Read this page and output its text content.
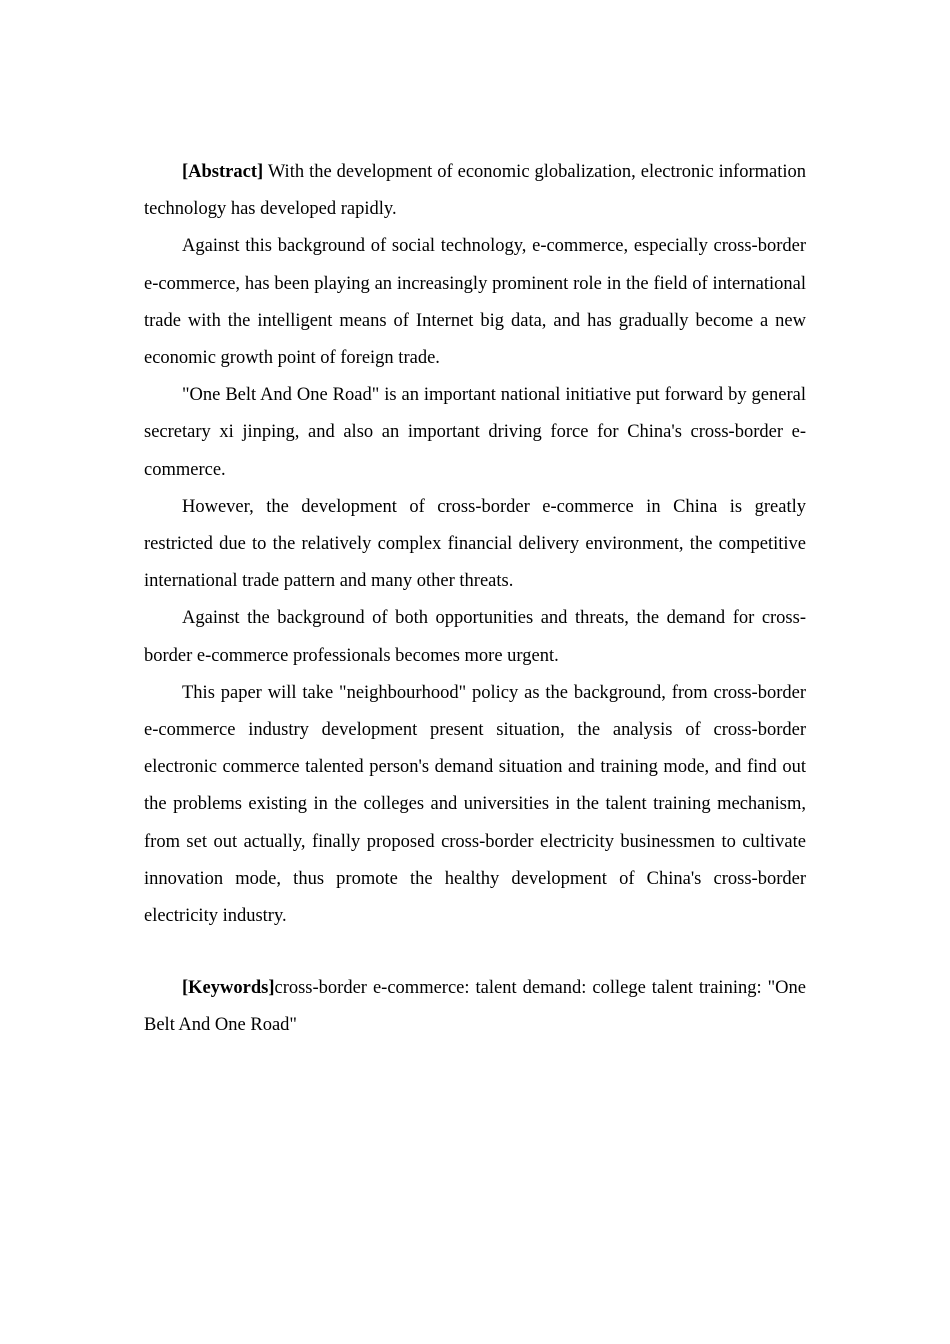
[Abstract] With the development of economic globalization, electronic information technology has developed rapidly.

Against this background of social technology, e-commerce, especially cross-border e-commerce, has been playing an increasingly prominent role in the field of international trade with the intelligent means of Internet big data, and has gradually become a new economic growth point of foreign trade.

"One Belt And One Road" is an important national initiative put forward by general secretary xi jinping, and also an important driving force for China's cross-border e-commerce.

However, the development of cross-border e-commerce in China is greatly restricted due to the relatively complex financial delivery environment, the competitive international trade pattern and many other threats.

Against the background of both opportunities and threats, the demand for cross-border e-commerce professionals becomes more urgent.

This paper will take "neighbourhood" policy as the background, from cross-border e-commerce industry development present situation, the analysis of cross-border electronic commerce talented person's demand situation and training mode, and find out the problems existing in the colleges and universities in the talent training mechanism, from set out actually, finally proposed cross-border electricity businessmen to cultivate innovation mode, thus promote the healthy development of China's cross-border electricity industry.

[Keywords]cross-border e-commerce: talent demand: college talent training: "One Belt And One Road"
